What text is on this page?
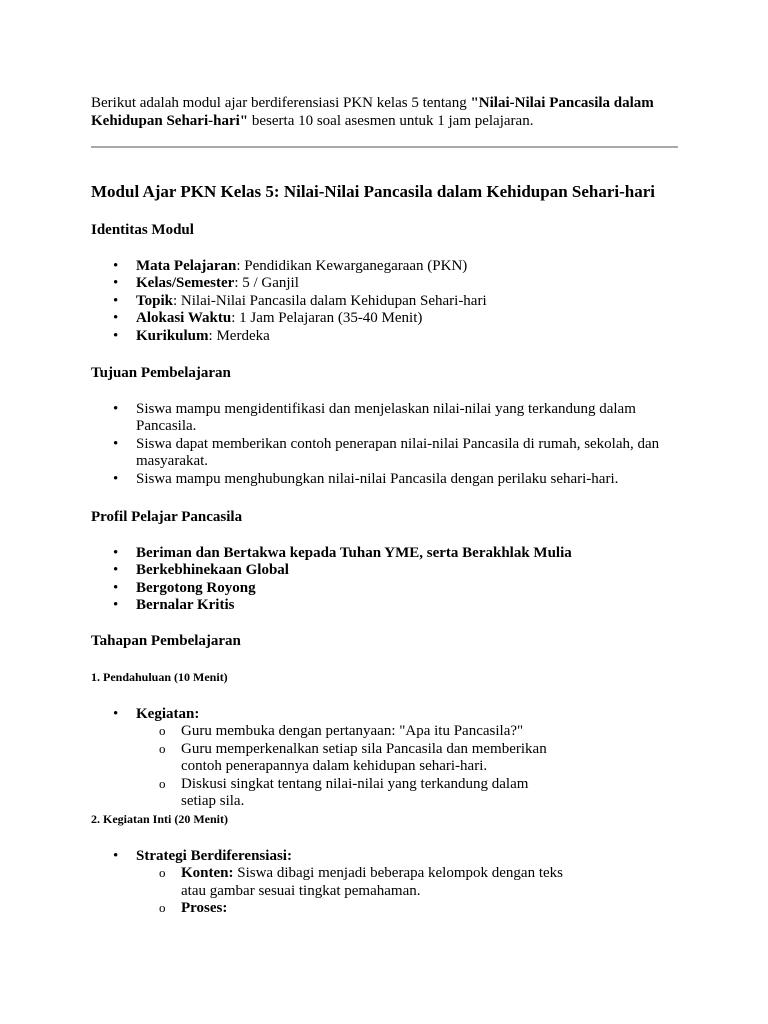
Berikut adalah modul ajar berdiferensiasi PKN kelas 5 tentang "Nilai-Nilai Pancasila dalam Kehidupan Sehari-hari" beserta 10 soal asesmen untuk 1 jam pelajaran.

Modul Ajar PKN Kelas 5: Nilai-Nilai Pancasila dalam Kehidupan Sehari-hari
Identitas Modul
• Mata Pelajaran: Pendidikan Kewarganegaraan (PKN)
• Kelas/Semester: 5 / Ganjil
• Topik: Nilai-Nilai Pancasila dalam Kehidupan Sehari-hari
• Alokasi Waktu: 1 Jam Pelajaran (35-40 Menit)
• Kurikulum: Merdeka
Tujuan Pembelajaran
• Siswa mampu mengidentifikasi dan menjelaskan nilai-nilai yang terkandung dalam Pancasila.
• Siswa dapat memberikan contoh penerapan nilai-nilai Pancasila di rumah, sekolah, dan masyarakat.
• Siswa mampu menghubungkan nilai-nilai Pancasila dengan perilaku sehari-hari.
Profil Pelajar Pancasila
• Beriman dan Bertakwa kepada Tuhan YME, serta Berakhlak Mulia
• Berkebhinekaan Global
• Bergotong Royong
• Bernalar Kritis
Tahapan Pembelajaran
1. Pendahuluan (10 Menit)
• Kegiatan:
o Guru membuka dengan pertanyaan: "Apa itu Pancasila?"
o Guru memperkenalkan setiap sila Pancasila dan memberikan contoh penerapannya dalam kehidupan sehari-hari.
o Diskusi singkat tentang nilai-nilai yang terkandung dalam setiap sila.
2. Kegiatan Inti (20 Menit)
• Strategi Berdiferensiasi:
o Konten: Siswa dibagi menjadi beberapa kelompok dengan teks atau gambar sesuai tingkat pemahaman.
o Proses:
